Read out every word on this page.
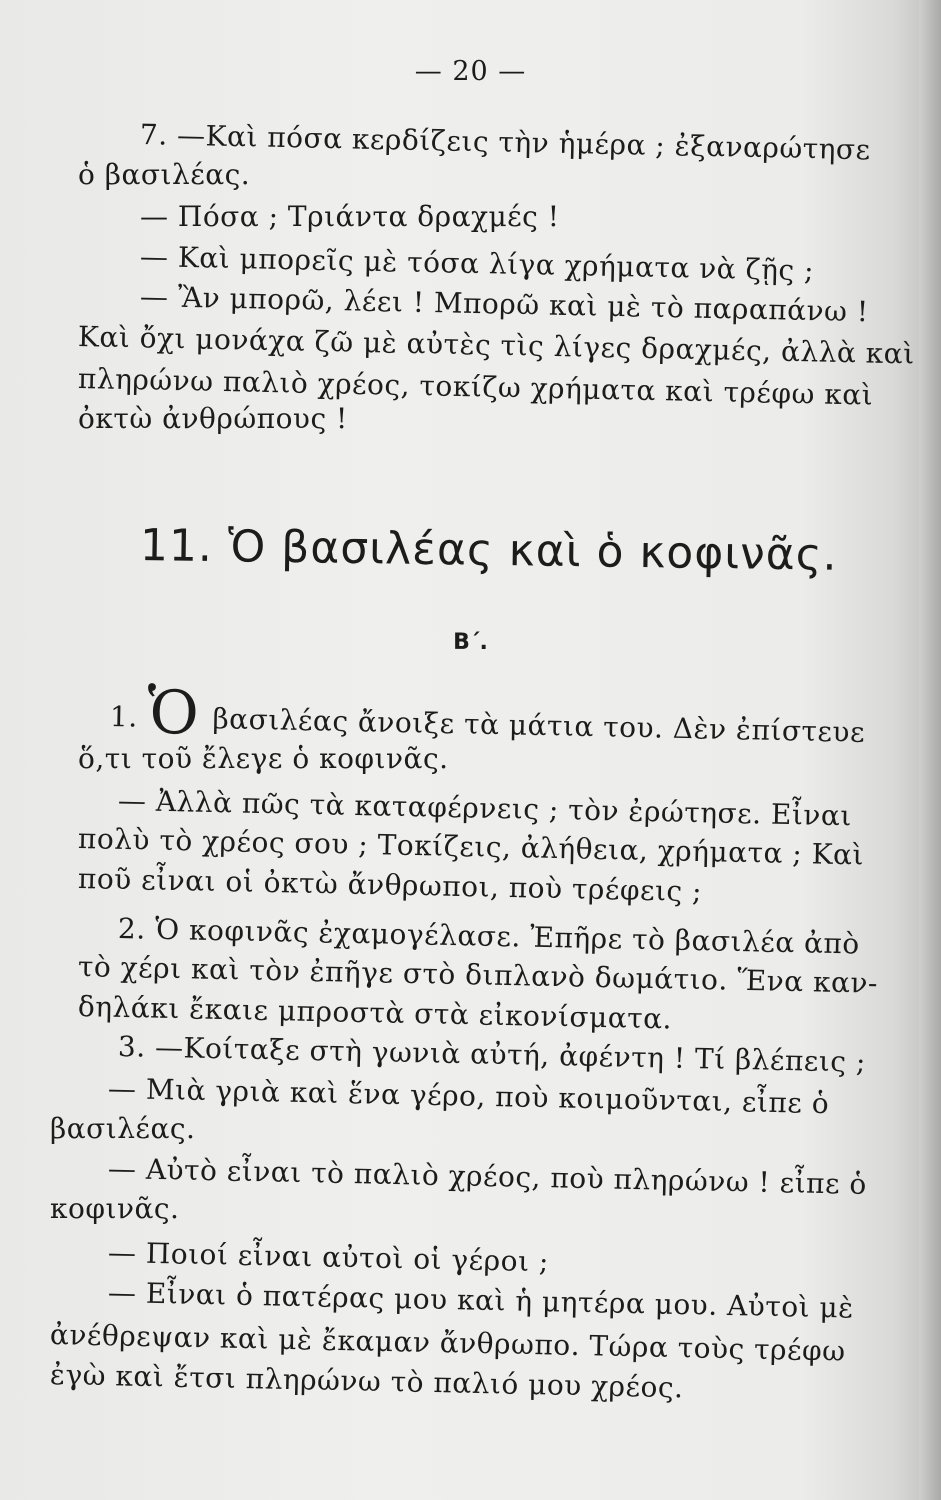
— 20 —
7. —Καὶ πόσα κερδίζεις τὴν ἡμέρα ; ἐξαναρώτησε
ὁ βασιλέας.
— Πόσα ; Τριάντα δραχμές !
— Καὶ μπορεῖς μὲ τόσα λίγα χρήματα νὰ ζῇς ;
— Ἂν μπορῶ, λέει ! Μπορῶ καὶ μὲ τὸ παραπάνω !
Καὶ ὄχι μονάχα ζῶ μὲ αὐτὲς τὶς λίγες δραχμές, ἀλλὰ καὶ
πληρώνω παλιὸ χρέος, τοκίζω χρήματα καὶ τρέφω καὶ
ὀκτὼ ἀνθρώπους !
11. Ὁ βασιλέας καὶ ὁ κοφινᾶς.
Β΄.
1. Ὁ βασιλέας ἄνοιξε τὰ μάτια του. Δὲν ἐπίστευε
ὅ,τι τοῦ ἔλεγε ὁ κοφινᾶς.
— Ἀλλὰ πῶς τὰ καταφέρνεις ; τὸν ἐρώτησε. Εἶναι
πολὺ τὸ χρέος σου ; Τοκίζεις, ἀλήθεια, χρήματα ; Καὶ
ποῦ εἶναι οἱ ὀκτὼ ἄνθρωποι, ποὺ τρέφεις ;
2. Ὁ κοφινᾶς ἐχαμογέλασε. Ἐπῆρε τὸ βασιλέα ἀπὸ
τὸ χέρι καὶ τὸν ἐπῆγε στὸ διπλανὸ δωμάτιο. Ἕνα καν-
δηλάκι ἔκαιε μπροστὰ στὰ εἰκονίσματα.
3. —Κοίταξε στὴ γωνιὰ αὐτή, ἀφέντη ! Τί βλέπεις ;
— Μιὰ γριὰ καὶ ἕνα γέρο, ποὺ κοιμοῦνται, εἶπε ὁ
βασιλέας.
— Αὐτὸ εἶναι τὸ παλιὸ χρέος, ποὺ πληρώνω ! εἶπε ὁ
κοφινᾶς.
— Ποιοί εἶναι αὐτοὶ οἱ γέροι ;
— Εἶναι ὁ πατέρας μου καὶ ἡ μητέρα μου. Αὐτοὶ μὲ
ἀνέθρεψαν καὶ μὲ ἔκαμαν ἄνθρωπο. Τώρα τοὺς τρέφω
ἐγὼ καὶ ἔτσι πληρώνω τὸ παλιό μου χρέος.
